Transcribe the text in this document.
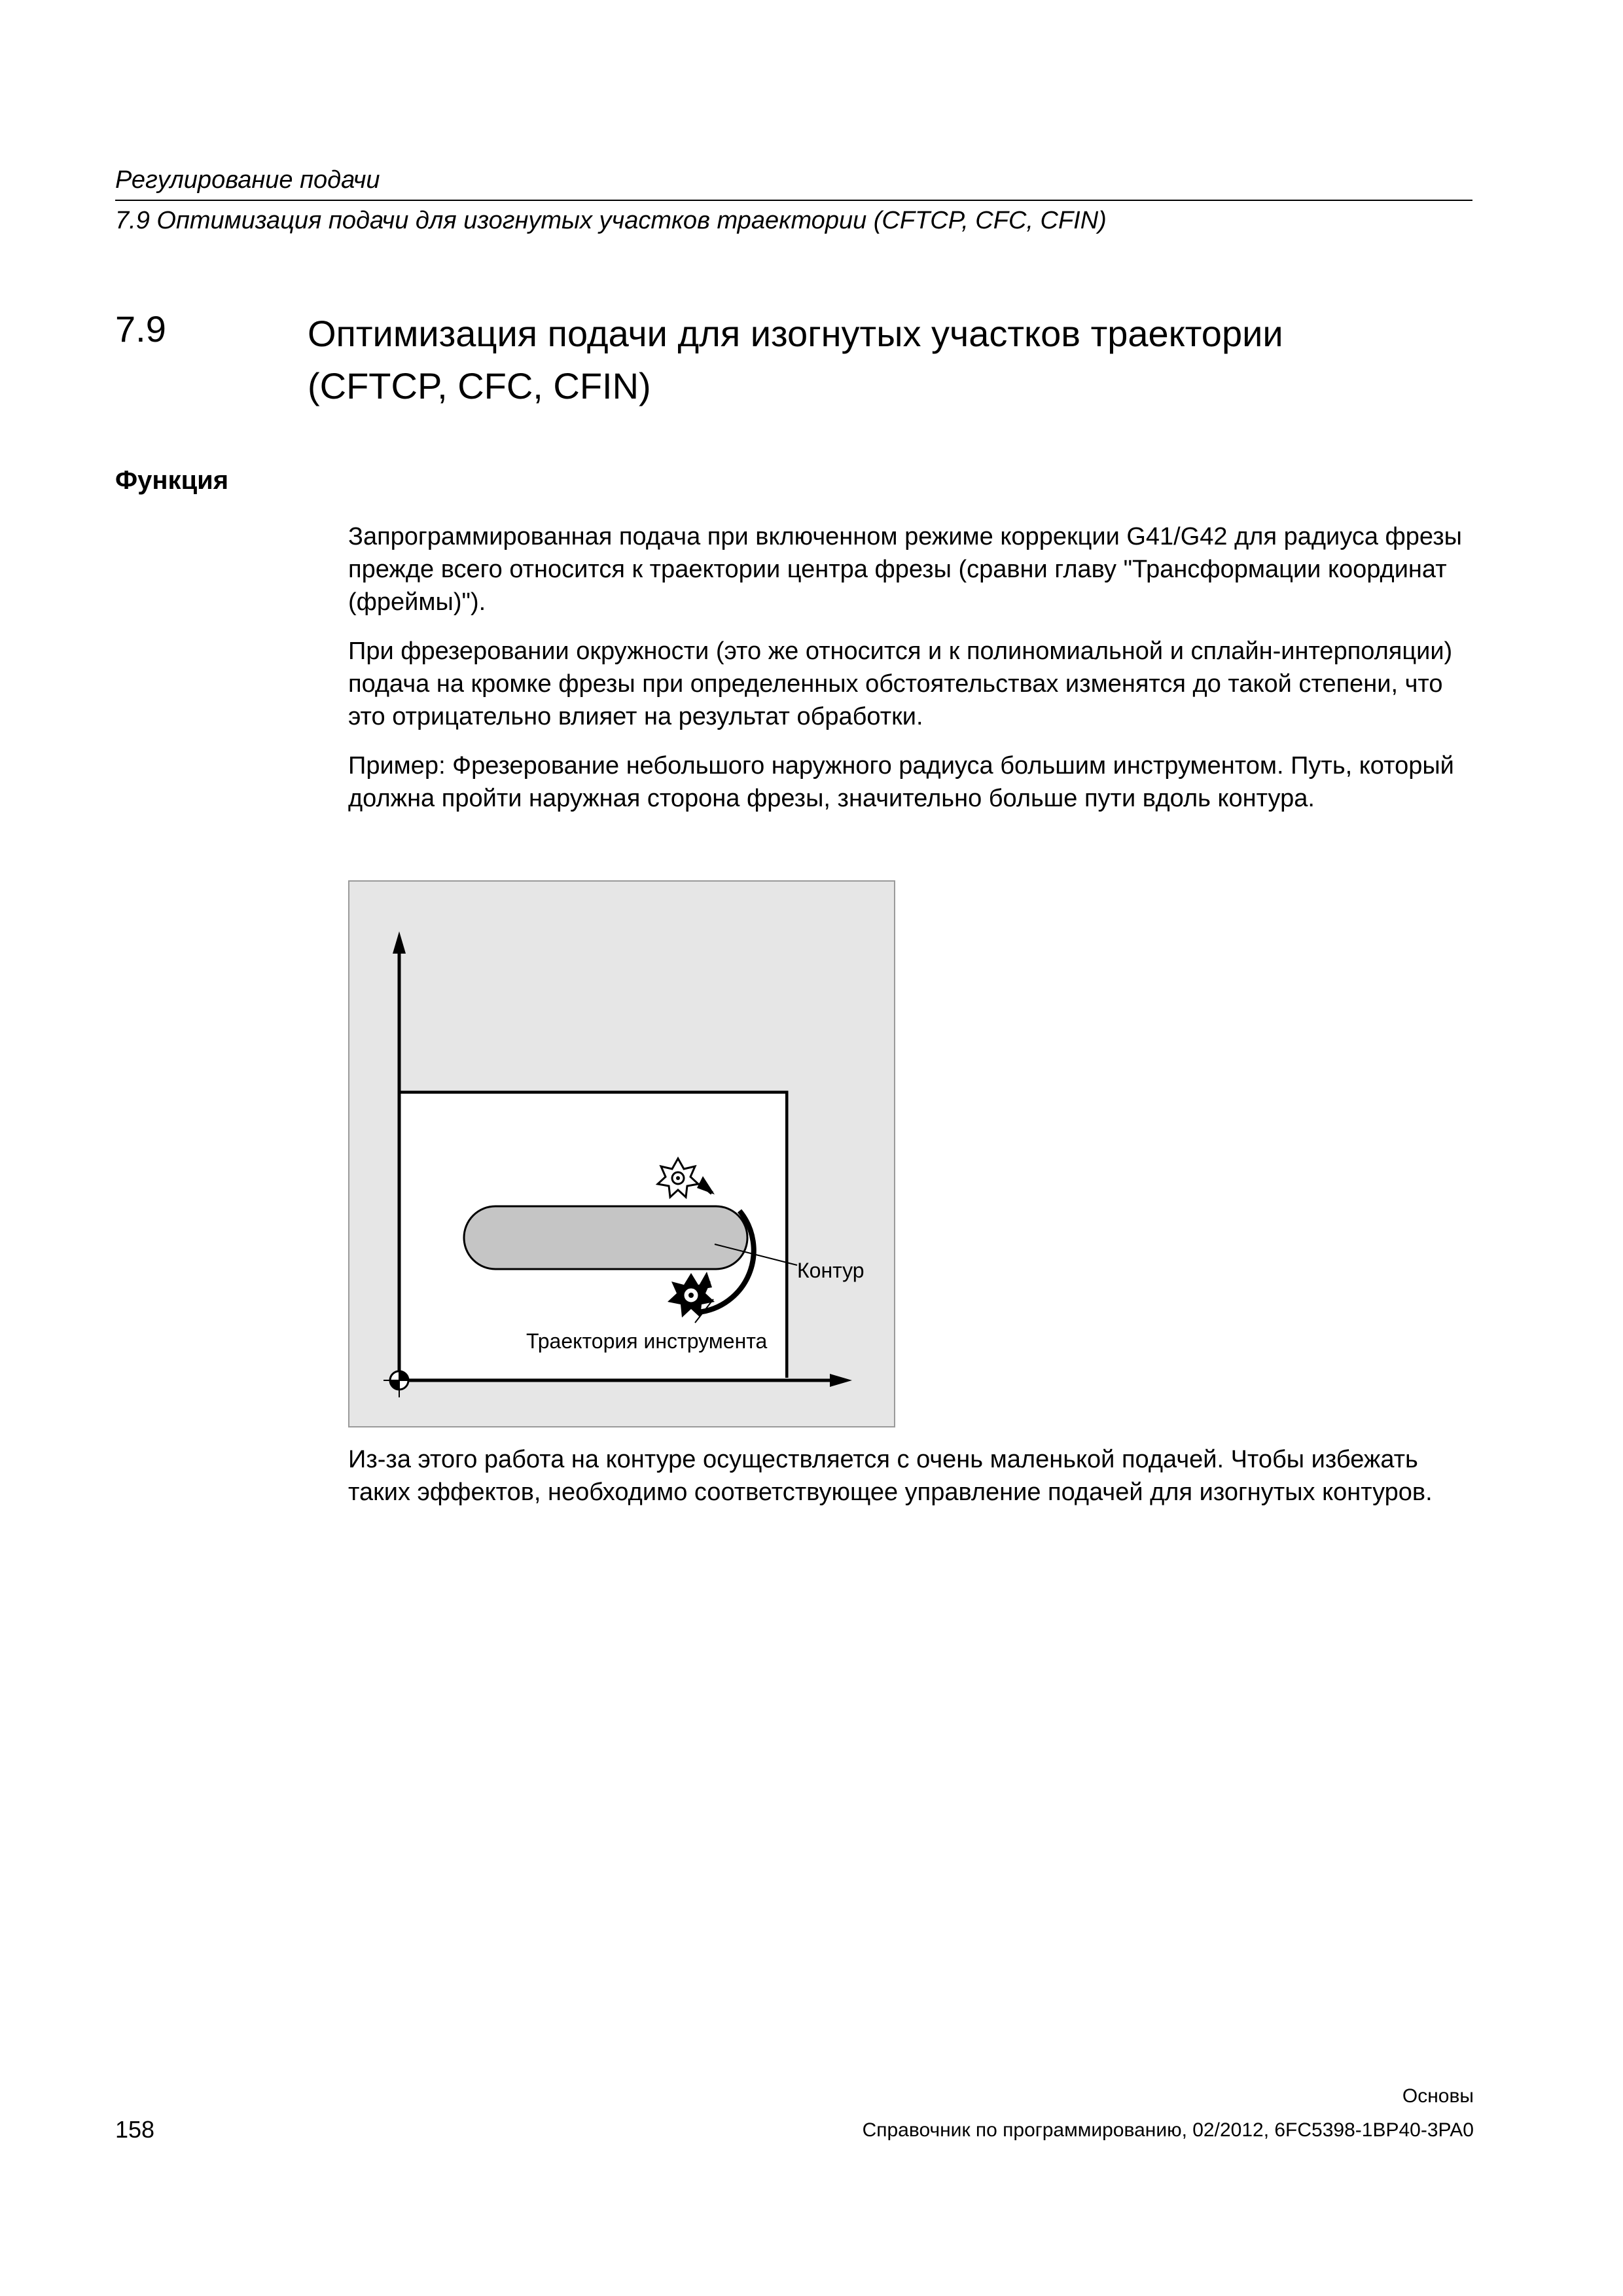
Регулирование подачи
7.9 Оптимизация подачи для изогнутых участков траектории (CFTCP, CFC, CFIN)
7.9	Оптимизация подачи для изогнутых участков траектории
(CFTCP, CFC, CFIN)
Функция

Запрограммированная подача при включенном режиме коррекции G41/G42 для радиуса фрезы прежде всего относится к траектории центра фрезы (сравни главу "Трансформации координат (фреймы)").

При фрезеровании окружности (это же относится и к полиномиальной и сплайн-интерполяции) подача на кромке фрезы при определенных обстоятельствах изменятся до такой степени, что это отрицательно влияет на результат обработки.

Пример: Фрезерование небольшого наружного радиуса большим инструментом. Путь, который должна пройти наружная сторона фрезы, значительно больше пути вдоль контура.

Контур
Траектория инструмента

Из-за этого работа на контуре осуществляется с очень маленькой подачей. Чтобы избежать таких эффектов, необходимо соответствующее управление подачей для изогнутых контуров.

Основы
158	Справочник по программированию, 02/2012, 6FC5398-1BP40-3PA0
